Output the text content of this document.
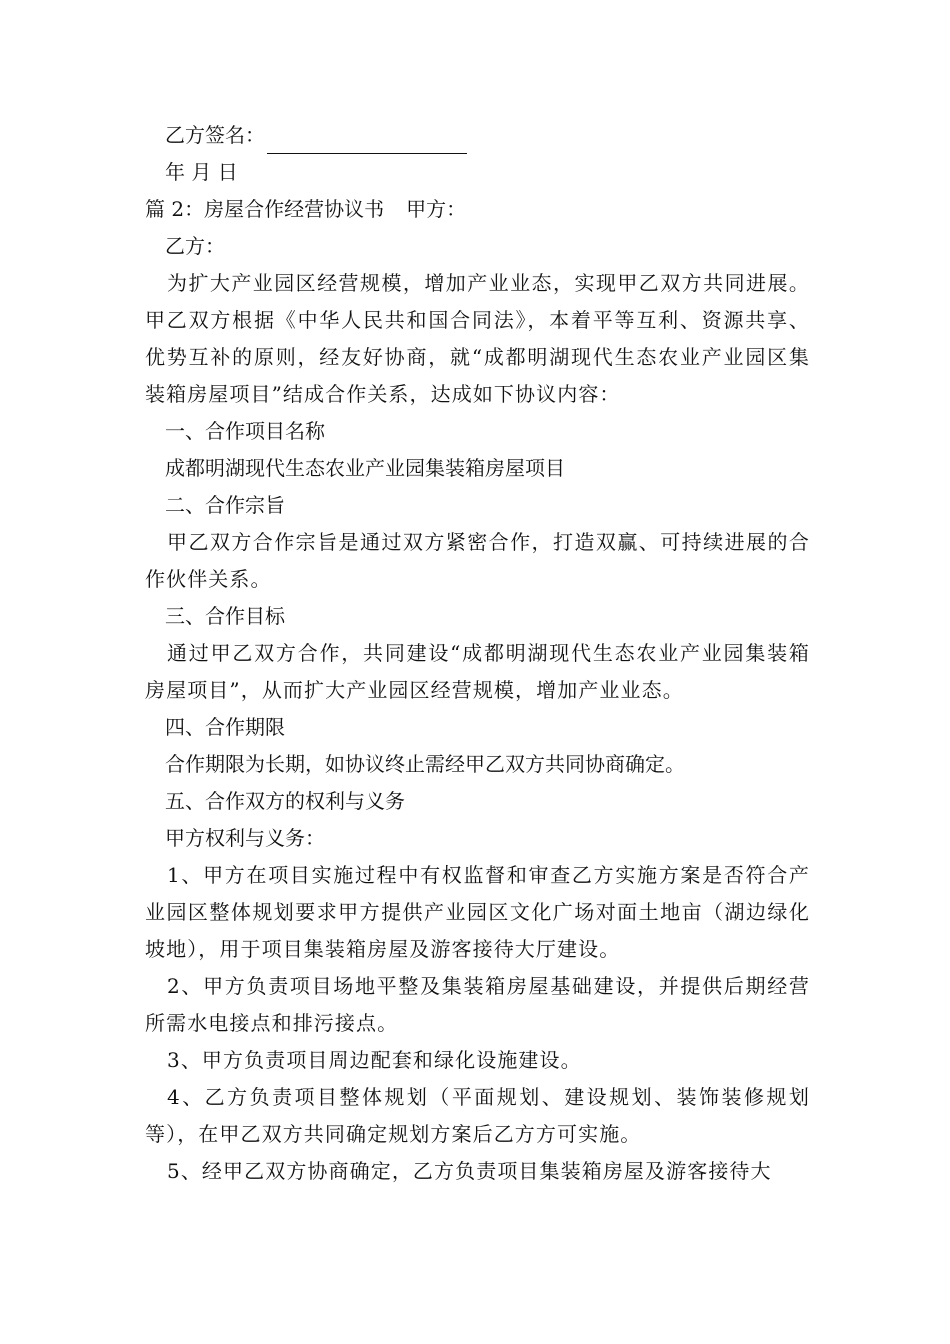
乙方签名：
年 月 日
篇 2：房屋合作经营协议书 甲方：
乙方：
为扩大产业园区经营规模，增加产业业态，实现甲乙双方共同进展。甲乙双方根据《中华人民共和国合同法》，本着平等互利、资源共享、优势互补的原则，经友好协商，就“成都明湖现代生态农业产业园区集装箱房屋项目”结成合作关系，达成如下协议内容：
一、合作项目名称
成都明湖现代生态农业产业园集装箱房屋项目
二、合作宗旨
甲乙双方合作宗旨是通过双方紧密合作，打造双赢、可持续进展的合作伙伴关系。
三、合作目标
通过甲乙双方合作，共同建设“成都明湖现代生态农业产业园集装箱房屋项目”，从而扩大产业园区经营规模，增加产业业态。
四、合作期限
合作期限为长期，如协议终止需经甲乙双方共同协商确定。
五、合作双方的权利与义务
甲方权利与义务：
1、甲方在项目实施过程中有权监督和审查乙方实施方案是否符合产业园区整体规划要求甲方提供产业园区文化广场对面土地亩（湖边绿化坡地），用于项目集装箱房屋及游客接待大厅建设。
2、甲方负责项目场地平整及集装箱房屋基础建设，并提供后期经营所需水电接点和排污接点。
3、甲方负责项目周边配套和绿化设施建设。
4、乙方负责项目整体规划（平面规划、建设规划、装饰装修规划等），在甲乙双方共同确定规划方案后乙方方可实施。
5、经甲乙双方协商确定，乙方负责项目集装箱房屋及游客接待大
